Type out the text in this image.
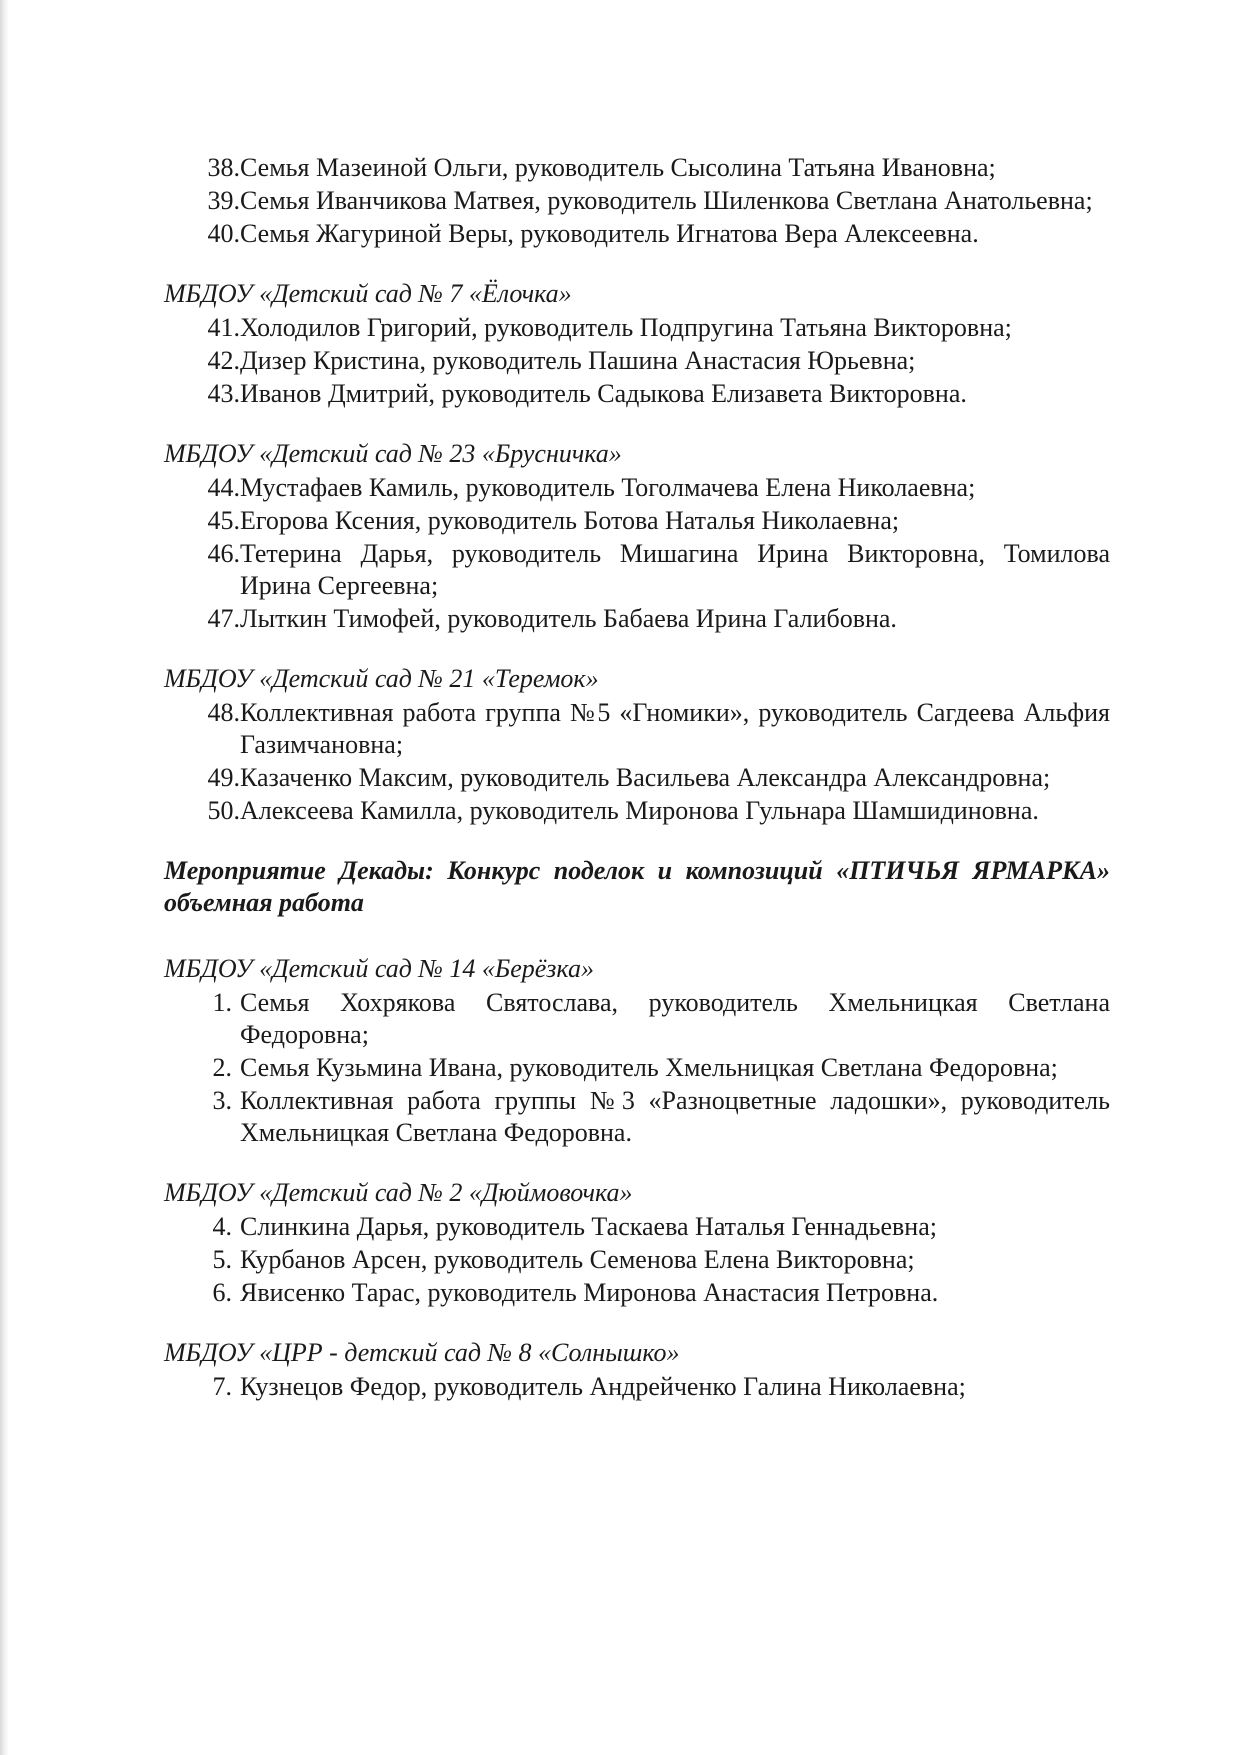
38. Семья Мазеиной Ольги, руководитель Сысолина Татьяна Ивановна;
39. Семья Иванчикова Матвея, руководитель Шиленкова Светлана Анатольевна;
40. Семья Жагуриной Веры, руководитель Игнатова Вера Алексеевна.

МБДОУ «Детский сад № 7 «Ёлочка»

41. Холодилов Григорий, руководитель Подпругина Татьяна Викторовна;
42. Дизер Кристина, руководитель Пашина Анастасия Юрьевна;
43. Иванов Дмитрий, руководитель Садыкова Елизавета Викторовна.

МБДОУ «Детский сад № 23 «Брусничка»

44. Мустафаев Камиль, руководитель Тоголмачева Елена Николаевна;
45. Егорова Ксения, руководитель Ботова Наталья Николаевна;
46. Тетерина Дарья, руководитель Мишагина Ирина Викторовна, Томилова Ирина Сергеевна;
47. Лыткин Тимофей, руководитель Бабаева Ирина Галибовна.

МБДОУ «Детский сад № 21 «Теремок»

48. Коллективная работа группа №5 «Гномики», руководитель Сагдеева Альфия Газимчановна;
49. Казаченко Максим, руководитель Васильева Александра Александровна;
50. Алексеева Камилла, руководитель Миронова Гульнара Шамшидиновна.

Мероприятие Декады: Конкурс поделок и композиций «ПТИЧЬЯ ЯРМАРКА» объемная работа

МБДОУ «Детский сад № 14 «Берёзка»

1. Семья Хохрякова Святослава, руководитель Хмельницкая Светлана Федоровна;
2. Семья Кузьмина Ивана, руководитель Хмельницкая Светлана Федоровна;
3. Коллективная работа группы №3 «Разноцветные ладошки», руководитель Хмельницкая Светлана Федоровна.

МБДОУ «Детский сад № 2 «Дюймовочка»

4. Слинкина Дарья, руководитель Таскаева Наталья Геннадьевна;
5. Курбанов Арсен, руководитель Семенова Елена Викторовна;
6. Явисенко Тарас, руководитель Миронова Анастасия Петровна.

МБДОУ «ЦРР - детский сад № 8 «Солнышко»

7. Кузнецов Федор, руководитель Андрейченко Галина Николаевна;
